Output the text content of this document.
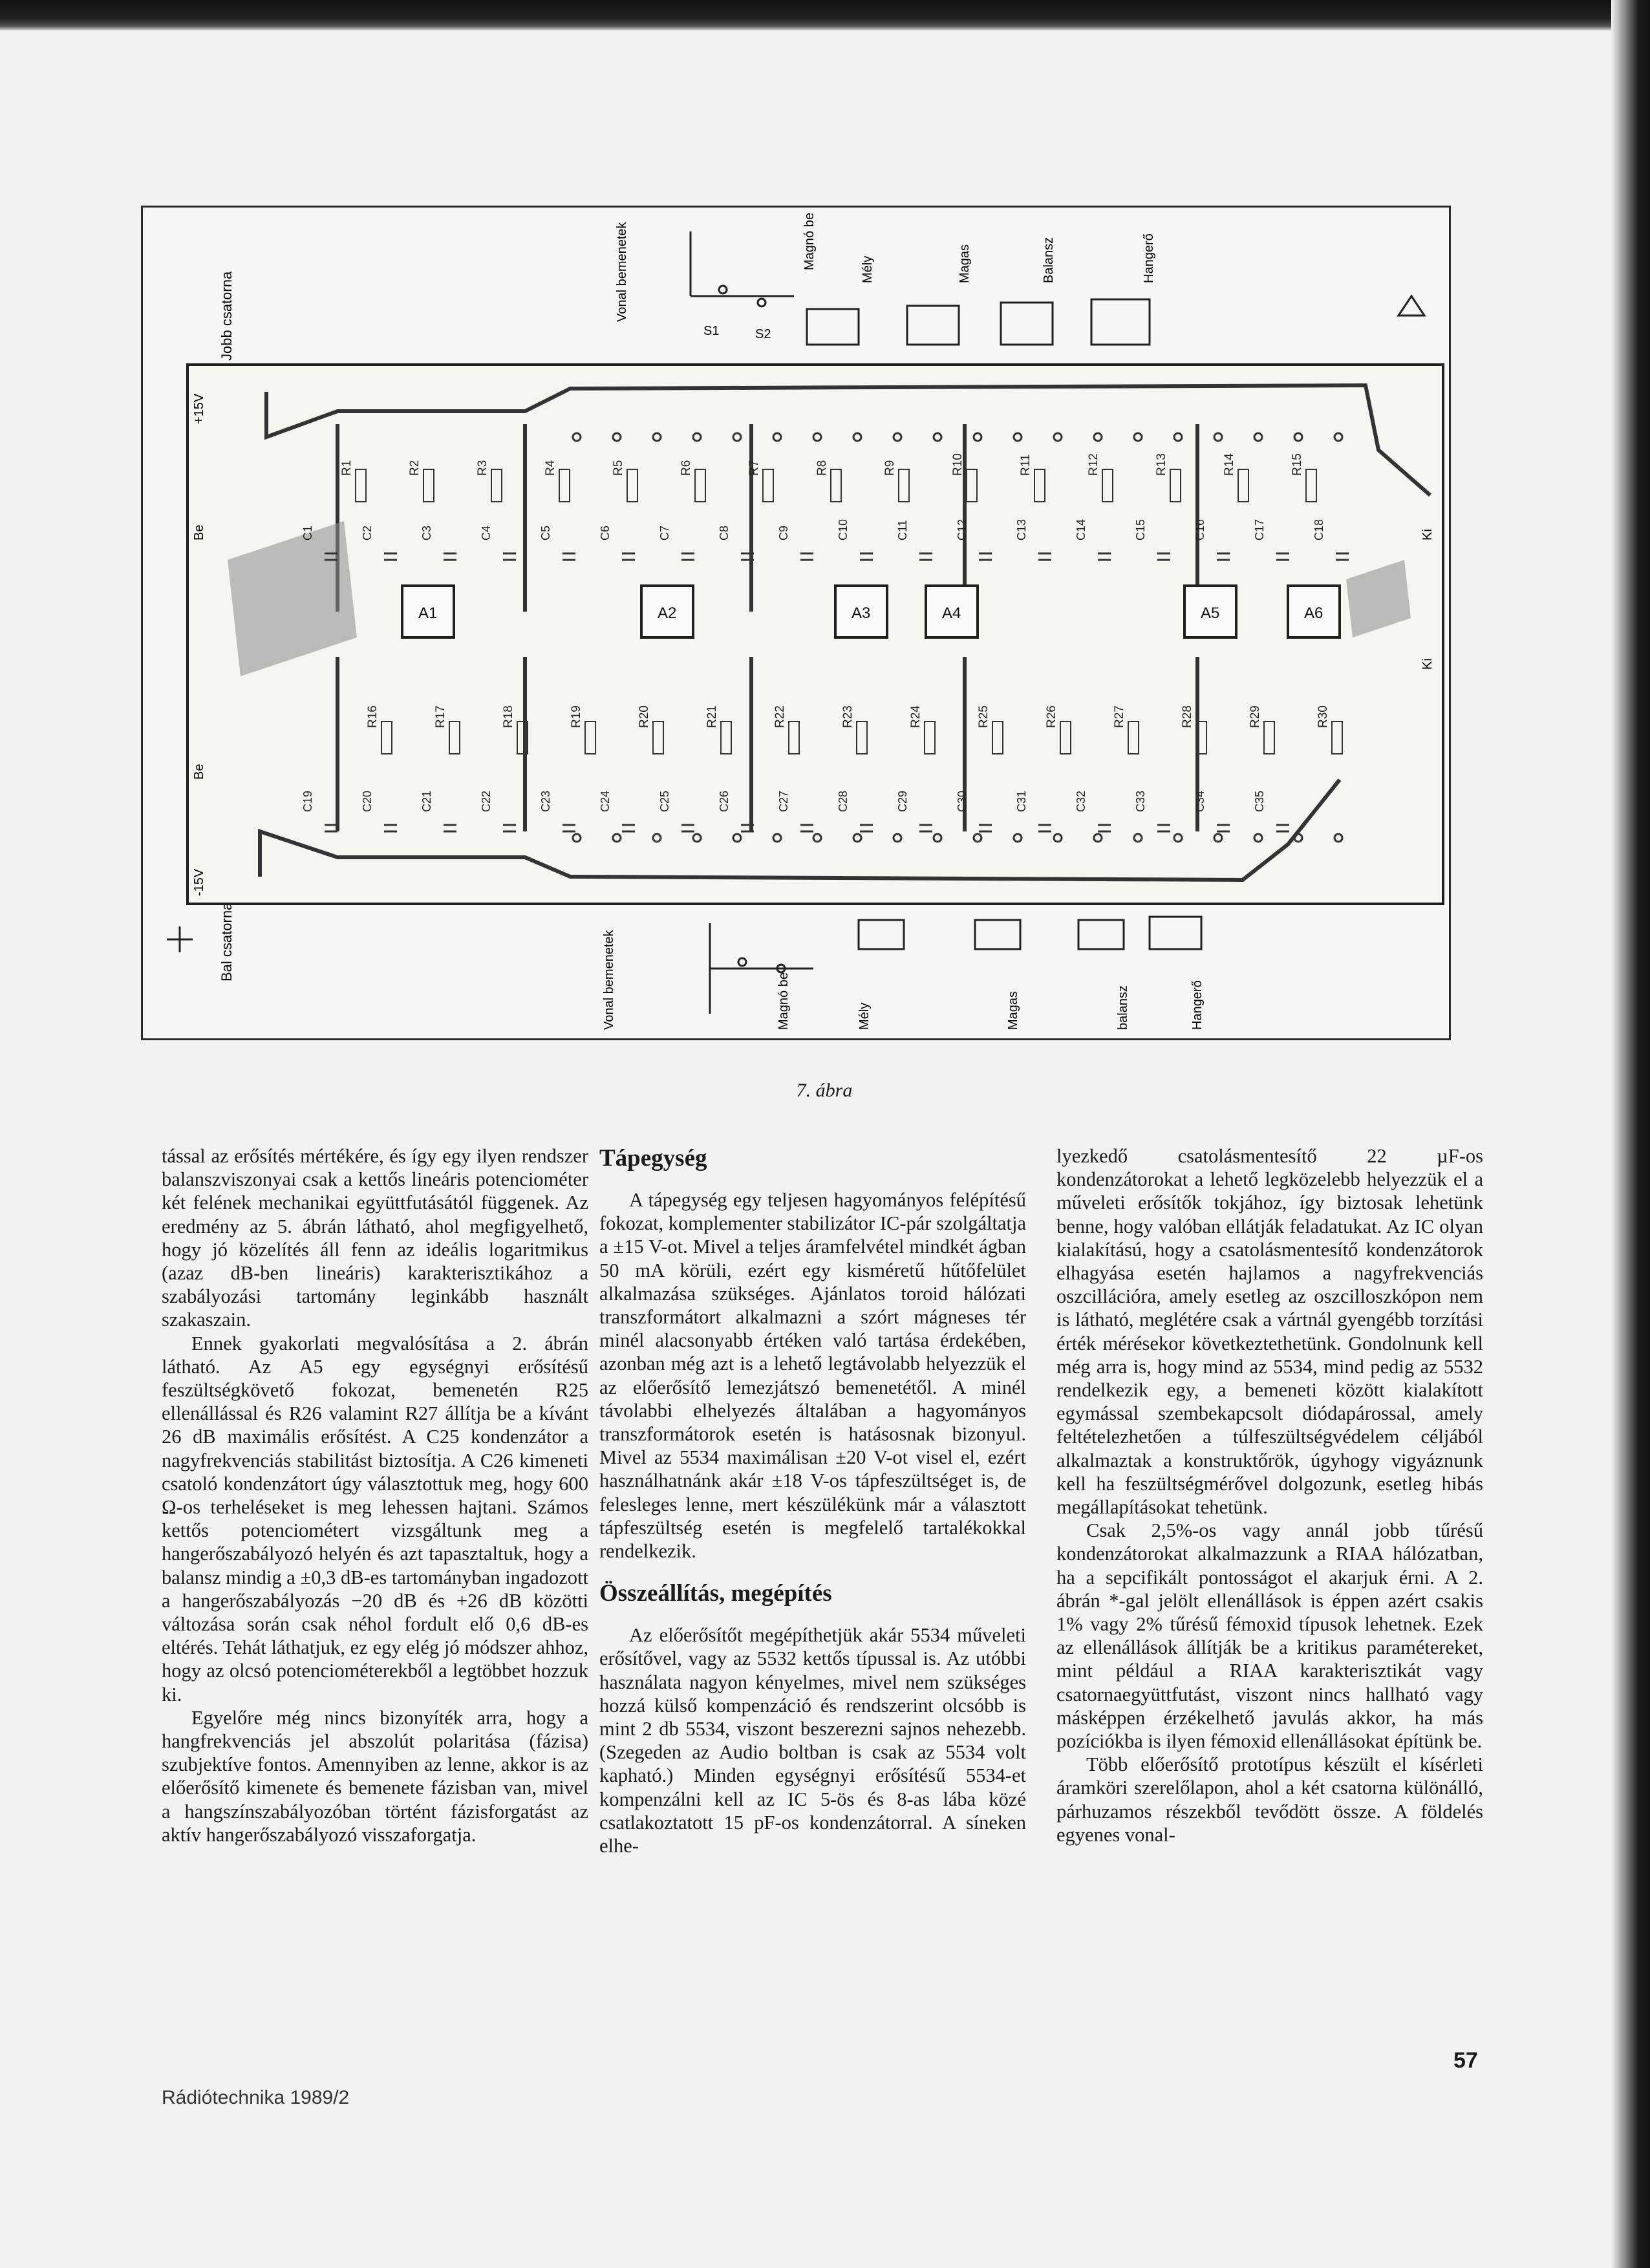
Jobb csatorna
Bal csatorna
Vonal bemenetek	Magnó be	Mély	Magas	Balansz	Hangerő
S1	S2
Vonal bemenetek	Magnó be	Mély	Magas	balansz	Hangerő
A1	A2	A3	A4	A5	A6
R1	R2	R3	R4	R5	R6	R7	R8	R9	R10	R11	R12	R13	R14	R15
R16	R17	R18	R19	R20	R21	R22	R23	R24	R25	R26	R27	R28	R29	R30
C1	C2	C3	C4	C5	C6	C7	C8	C9	C10	C11	C12	C13	C14	C15	C16	C17	C18
C19	C20	C21	C22	C23	C24	C25	C26	C27	C28	C29	C30	C31	C32	C33	C34	C35
+15V
-15V
Be
Be
Ki
Ki
7. ábra

tással az erősítés mértékére, és így egy ilyen rendszer balanszviszonyai csak a kettős lineáris potenciométer két felének mechanikai együttfutásától függenek. Az eredmény az 5. ábrán látható, ahol megfigyelhető, hogy jó közelítés áll fenn az ideális logaritmikus (azaz dB-ben lineáris) karakterisztikához a szabályozási tartomány leginkább használt szakaszain.

Ennek gyakorlati megvalósítása a 2. ábrán látható. Az A5 egy egységnyi erősítésű feszültségkövető fokozat, bemenetén R25 ellenállással és R26 valamint R27 állítja be a kívánt 26 dB maximális erősítést. A C25 kondenzátor a nagyfrekvenciás stabilitást biztosítja. A C26 kimeneti csatoló kondenzátort úgy választottuk meg, hogy 600 Ω-os terheléseket is meg lehessen hajtani. Számos kettős potenciométert vizsgáltunk meg a hangerőszabályozó helyén és azt tapasztaltuk, hogy a balansz mindig a ±0,3 dB-es tartományban ingadozott a hangerőszabályozás −20 dB és +26 dB közötti változása során csak néhol fordult elő 0,6 dB-es eltérés. Tehát láthatjuk, ez egy elég jó módszer ahhoz, hogy az olcsó potenciométerekből a legtöbbet hozzuk ki.

Egyelőre még nincs bizonyíték arra, hogy a hangfrekvenciás jel abszolút polaritása (fázisa) szubjektíve fontos. Amennyiben az lenne, akkor is az előerősítő kimenete és bemenete fázisban van, mivel a hangszínszabályozóban történt fázisforgatást az aktív hangerőszabályozó visszaforgatja.

Tápegység

A tápegység egy teljesen hagyományos felépítésű fokozat, komplementer stabilizátor IC-pár szolgáltatja a ±15 V-ot. Mivel a teljes áramfelvétel mindkét ágban 50 mA körüli, ezért egy kisméretű hűtőfelület alkalmazása szükséges. Ajánlatos toroid hálózati transzformátort alkalmazni a szórt mágneses tér minél alacsonyabb értéken való tartása érdekében, azonban még azt is a lehető legtávolabb helyezzük el az előerősítő lemezjátszó bemenetétől. A minél távolabbi elhelyezés általában a hagyományos transzformátorok esetén is hatásosnak bizonyul. Mivel az 5534 maximálisan ±20 V-ot visel el, ezért használhatnánk akár ±18 V-os tápfeszültséget is, de felesleges lenne, mert készülékünk már a választott tápfeszültség esetén is megfelelő tartalékokkal rendelkezik.

Összeállítás, megépítés

Az előerősítőt megépíthetjük akár 5534 műveleti erősítővel, vagy az 5532 kettős típussal is. Az utóbbi használata nagyon kényelmes, mivel nem szükséges hozzá külső kompenzáció és rendszerint olcsóbb is mint 2 db 5534, viszont beszerezni sajnos nehezebb. (Szegeden az Audio boltban is csak az 5534 volt kapható.) Minden egységnyi erősítésű 5534-et kompenzálni kell az IC 5-ös és 8-as lába közé csatlakoztatott 15 pF-os kondenzátorral. A síneken elhe-

lyezkedő csatolásmentesítő 22 µF-os kondenzátorokat a lehető legközelebb helyezzük el a műveleti erősítők tokjához, így biztosak lehetünk benne, hogy valóban ellátják feladatukat. Az IC olyan kialakítású, hogy a csatolásmentesítő kondenzátorok elhagyása esetén hajlamos a nagyfrekvenciás oszcillációra, amely esetleg az oszcilloszkópon nem is látható, meglétére csak a vártnál gyengébb torzítási érték mérésekor következtethetünk. Gondolnunk kell még arra is, hogy mind az 5534, mind pedig az 5532 rendelkezik egy, a bemeneti között kialakított egymással szembekapcsolt diódapárossal, amely feltételezhetően a túlfeszültségvédelem céljából alkalmaztak a konstruktőrök, úgyhogy vigyáznunk kell ha feszültségmérővel dolgozunk, esetleg hibás megállapításokat tehetünk.

Csak 2,5%-os vagy annál jobb tűrésű kondenzátorokat alkalmazzunk a RIAA hálózatban, ha a sepcifikált pontosságot el akarjuk érni. A 2. ábrán *-gal jelölt ellenállások is éppen azért csakis 1% vagy 2% tűrésű fémoxid típusok lehetnek. Ezek az ellenállások állítják be a kritikus paramétereket, mint például a RIAA karakterisztikát vagy csatornaegyüttfutást, viszont nincs hallható vagy másképpen érzékelhető javulás akkor, ha más pozíciókba is ilyen fémoxid ellenállásokat építünk be.

Több előerősítő prototípus készült el kísérleti áramköri szerelőlapon, ahol a két csatorna különálló, párhuzamos részekből tevődött össze. A földelés egyenes vonal-

Rádiótechnika 1989/2
57
